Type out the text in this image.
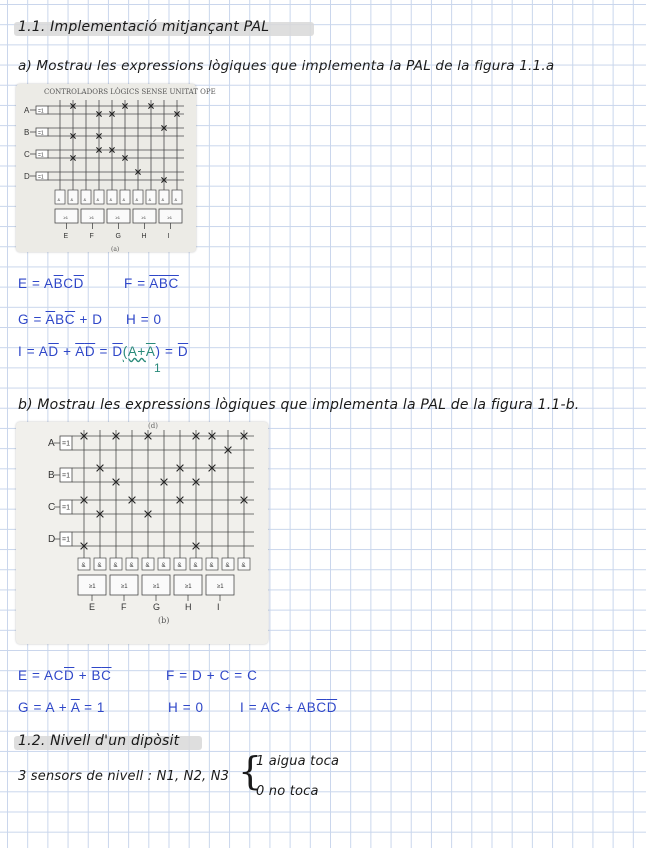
1.1. Implementació mitjançant PAL
a) Mostrau les expressions lògiques que implementa la PAL de la figura 1.1.a
CONTROLADORS LÒGICS SENSE UNITAT OPE
A =1
B =1
C =1
D =1
&	&	&	&	&	&	&	&	&	&
≥1
E
≥1
F
≥1
G
≥1
H
≥1
I
(a)
$E = A\overline{B}C\overline{D}$	$F = \overline{A}\overline{B}\overline{C}$
$G = \overline{A}B\overline{C} + D$ H = 0
$I = A\overline{D} + \overline{A}\overline{D} = \overline{D}(A+\overline{A}) = \overline{D}$
1
b) Mostrau les expressions lògiques que implementa la PAL de la figura 1.1-b.
(d)
A =1
B =1
C =1
D =1
& & & & & & & & & & &
≥1
E
≥1
F
≥1
G
≥1
H
≥1
I
(b)
$E = AC\overline{D} + \overline{B}\overline{C}$	F = D + C = C
$G = A + \overline{A} = 1$	H = 0	I = AC + $AB\overline{C}\overline{D}$
1.2. Nivell d'un dipòsit
3 sensors de nivell : N1, N2, N3 {
1 aigua toca
0 no toca
